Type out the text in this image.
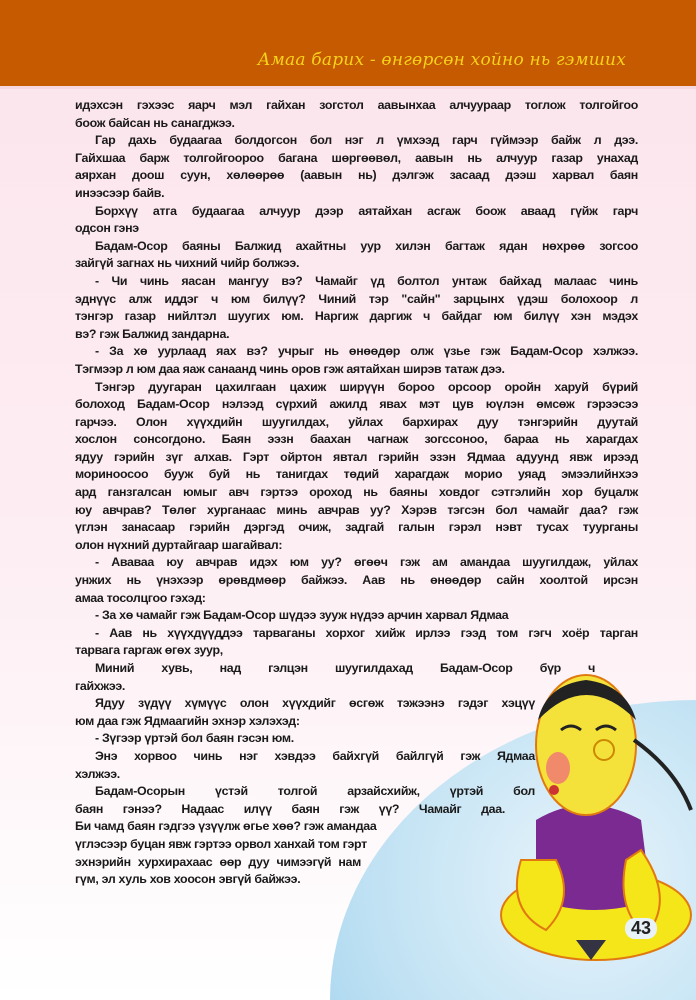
Амаа барих - өнгөрсөн хойно нь гэмших
идэхсэн гэхээс яарч мэл гайхан зогстол аавынхаа алчуураар тоглож толгойгоо
боож байсан нь санагджээ.
Гар дахь будаагаа болдогсон бол нэг л үмхээд гарч гүймээр байж л дээ.
Гайхшаа барж толгойгоороо багана шөргөөвөл, аавын нь алчуур газар унахад
аярхан доош суун, хөлөөрөө (аавын нь) дэлгэж засаад дээш харвал баян
инээсээр байв.
Борхүү атга будаагаа алчуур дээр аятайхан асгаж боож аваад гүйж гарч
одсон гэнэ
Бадам-Осор баяны Балжид ахайтны уур хилэн багтаж ядан нөхрөө зогсоо
зайгүй загнах нь чихний чийр болжээ.
- Чи чинь яасан мангуу вэ? Чамайг үд болтол унтаж байхад малаас чинь
эднүүс алж иддэг ч юм билүү? Чиний тэр "сайн" зарцынх үдэш болохоор л
тэнгэр газар нийлтэл шуугих юм. Наргиж даргиж ч байдаг юм билүү хэн мэдэх
вэ? гэж Балжид зандарна.
- За хө уурлаад яах вэ? учрыг нь өнөөдөр олж үзье гэж Бадам-Осор хэлжээ.
Тэгмээр л юм даа яаж санаанд чинь оров гэж аятайхан ширэв татаж дээ.
Тэнгэр дуугаран цахилгаан цахиж ширүүн бороо орсоор оройн харуй бүрий
болоход Бадам-Осор нэлээд сүрхий ажилд явах мэт цув юүлэн өмсөж гэрээсээ
гарчээ. Олон хүүхдийн шуугилдах, уйлах бархирах дуу тэнгэрийн дуутай
хослон сонсогдоно. Баян ээзн баахан чагнаж зогссоноо, бараа нь харагдах
ядуу гэрийн зүг алхав. Гэрт ойртон явтал гэрийн эзэн Ядмаа адуунд явж ирээд
мориноосоо бууж буй нь танигдах төдий харагдаж морио уяад эмээлийнхээ
ард ганзгалсан юмыг авч гэртээ ороход нь баяны ховдог сэтгэлийн хор буцалж
юу авчрав? Төлөг хурганаас минь авчрав уу? Хэрэв тэгсэн бол чамайг даа? гэж
үглэн занасаар гэрийн дэргэд очиж, задгай галын гэрэл нэвт тусах туурганы
олон нүхний дуртайгаар шагайвал:
- Ававаа юу авчрав идэх юм уу? өгөөч гэж ам амандаа шуугилдаж, уйлах
унжих нь үнэхээр өрөвдмөөр байжээ. Аав нь өнөөдөр сайн хоолтой ирсэн
амаа тосолцгоо гэхэд:
- За хө чамайг гэж Бадам-Осор шүдээ зууж нүдээ арчин харвал Ядмаа
- Аав нь хүүхдүүддээ тарваганы хорхог хийж ирлээ гээд том гэгч хоёр тарган
тарвага гаргаж өгөх зуур,
Миний хувь, над гэлцэн шуугилдахад Бадам-Осор бүр ч
гайхжээ.
Ядуу зүдүү хүмүүс олон хүүхдийг өсгөж тэжээнэ гэдэг хэцүү
юм даа гэж Ядмаагийн эхнэр хэлэхэд:
- Зүгээр үртэй бол баян гэсэн юм.
Энэ хорвоо чинь нэг хэвдээ байхгүй байлгүй гэж Ядмаа
хэлжээ.
Бадам-Осорын үстэй толгой арзайсхийж, үртэй бол
баян гэнээ? Надаас илүү баян гэж үү? Чамайг даа.
Би чамд баян гэдгээ үзүүлж өгье хөө? гэж амандаа
үглэсээр буцан явж гэртээ орвол ханхай том гэрт
эхнэрийн хурхирахаас өөр дуу чимээгүй нам
гүм, эл хуль хов хоосон эвгүй байжээ.
43
